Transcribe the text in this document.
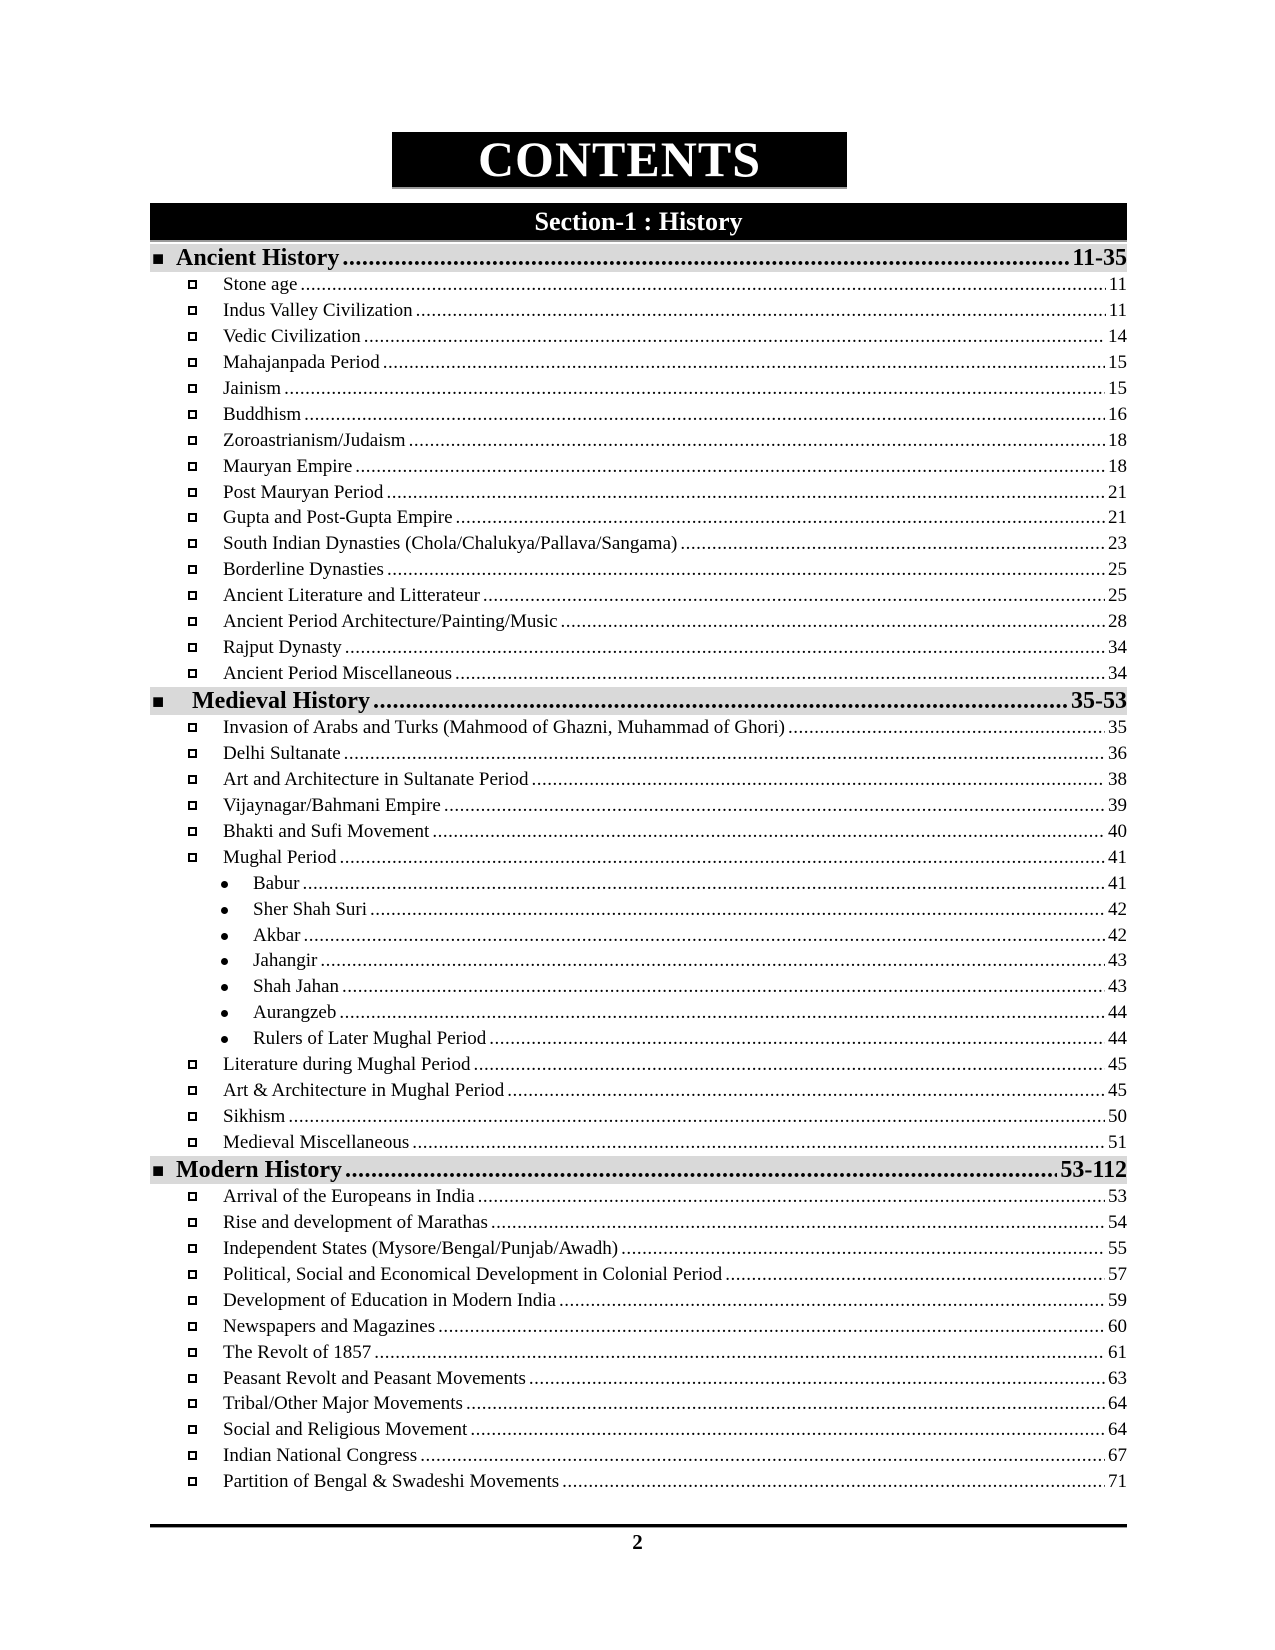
CONTENTS
Section-1 : History
■ Ancient History .....	11-35
Stone age .....	11
Indus Valley Civilization .....	11
Vedic Civilization .....	14
Mahajanpada Period .....	15
Jainism .....	15
Buddhism .....	16
Zoroastrianism/Judaism .....	18
Mauryan Empire .....	18
Post Mauryan Period .....	21
Gupta and Post-Gupta Empire .....	21
South Indian Dynasties (Chola/Chalukya/Pallava/Sangama) .....	23
Borderline Dynasties .....	25
Ancient Literature and Litterateur .....	25
Ancient Period Architecture/Painting/Music .....	28
Rajput Dynasty .....	34
Ancient Period Miscellaneous .....	34
■	Medieval History .....	35-53
Invasion of Arabs and Turks (Mahmood of Ghazni, Muhammad of Ghori) .....	35
Delhi Sultanate .....	36
Art and Architecture in Sultanate Period .....	38
Vijaynagar/Bahmani Empire .....	39
Bhakti and Sufi Movement .....	40
Mughal Period .....	41
Babur .....	41
Sher Shah Suri .....	42
Akbar .....	42
Jahangir .....	43
Shah Jahan .....	43
Aurangzeb .....	44
Rulers of Later Mughal Period .....	44
Literature during Mughal Period .....	45
Art & Architecture in Mughal Period .....	45
Sikhism .....	50
Medieval Miscellaneous .....	51
■ Modern History .....	53-112
Arrival of the Europeans in India .....	53
Rise and development of Marathas .....	54
Independent States (Mysore/Bengal/Punjab/Awadh) .....	55
Political, Social and Economical Development in Colonial Period .....	57
Development of Education in Modern India .....	59
Newspapers and Magazines .....	60
The Revolt of 1857 .....	61
Peasant Revolt and Peasant Movements .....	63
Tribal/Other Major Movements .....	64
Social and Religious Movement .....	64
Indian National Congress .....	67
Partition of Bengal & Swadeshi Movements .....	71
2
